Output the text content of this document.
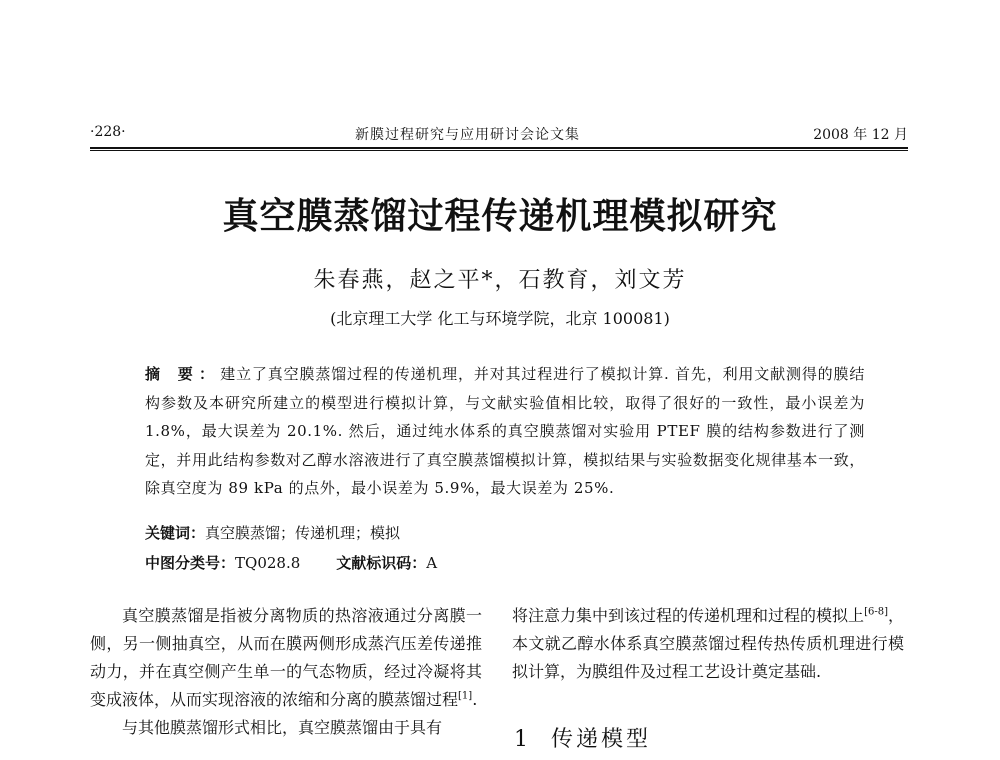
·228·	新膜过程研究与应用研讨会论文集	2008 年 12 月
真空膜蒸馏过程传递机理模拟研究
朱春燕，赵之平*，石教育，刘文芳
(北京理工大学 化工与环境学院，北京 100081)
摘 要：建立了真空膜蒸馏过程的传递机理，并对其过程进行了模拟计算. 首先，利用文献测得的膜结构参数及本研究所建立的模型进行模拟计算，与文献实验值相比较，取得了很好的一致性，最小误差为 1.8%，最大误差为 20.1%. 然后，通过纯水体系的真空膜蒸馏对实验用 PTEF 膜的结构参数进行了测定，并用此结构参数对乙醇水溶液进行了真空膜蒸馏模拟计算，模拟结果与实验数据变化规律基本一致，除真空度为 89 kPa 的点外，最小误差为 5.9%，最大误差为 25%.
关键词：真空膜蒸馏；传递机理；模拟
中图分类号：TQ028.8 文献标识码：A

真空膜蒸馏是指被分离物质的热溶液通过分离膜一侧，另一侧抽真空，从而在膜两侧形成蒸汽压差传递推动力，并在真空侧产生单一的气态物质，经过冷凝将其变成液体，从而实现溶液的浓缩和分离的膜蒸馏过程[1].

与其他膜蒸馏形式相比，真空膜蒸馏由于具有

将注意力集中到该过程的传递机理和过程的模拟上[6-8]，本文就乙醇水体系真空膜蒸馏过程传热传质机理进行模拟计算，为膜组件及过程工艺设计奠定基础.

1 传递模型
